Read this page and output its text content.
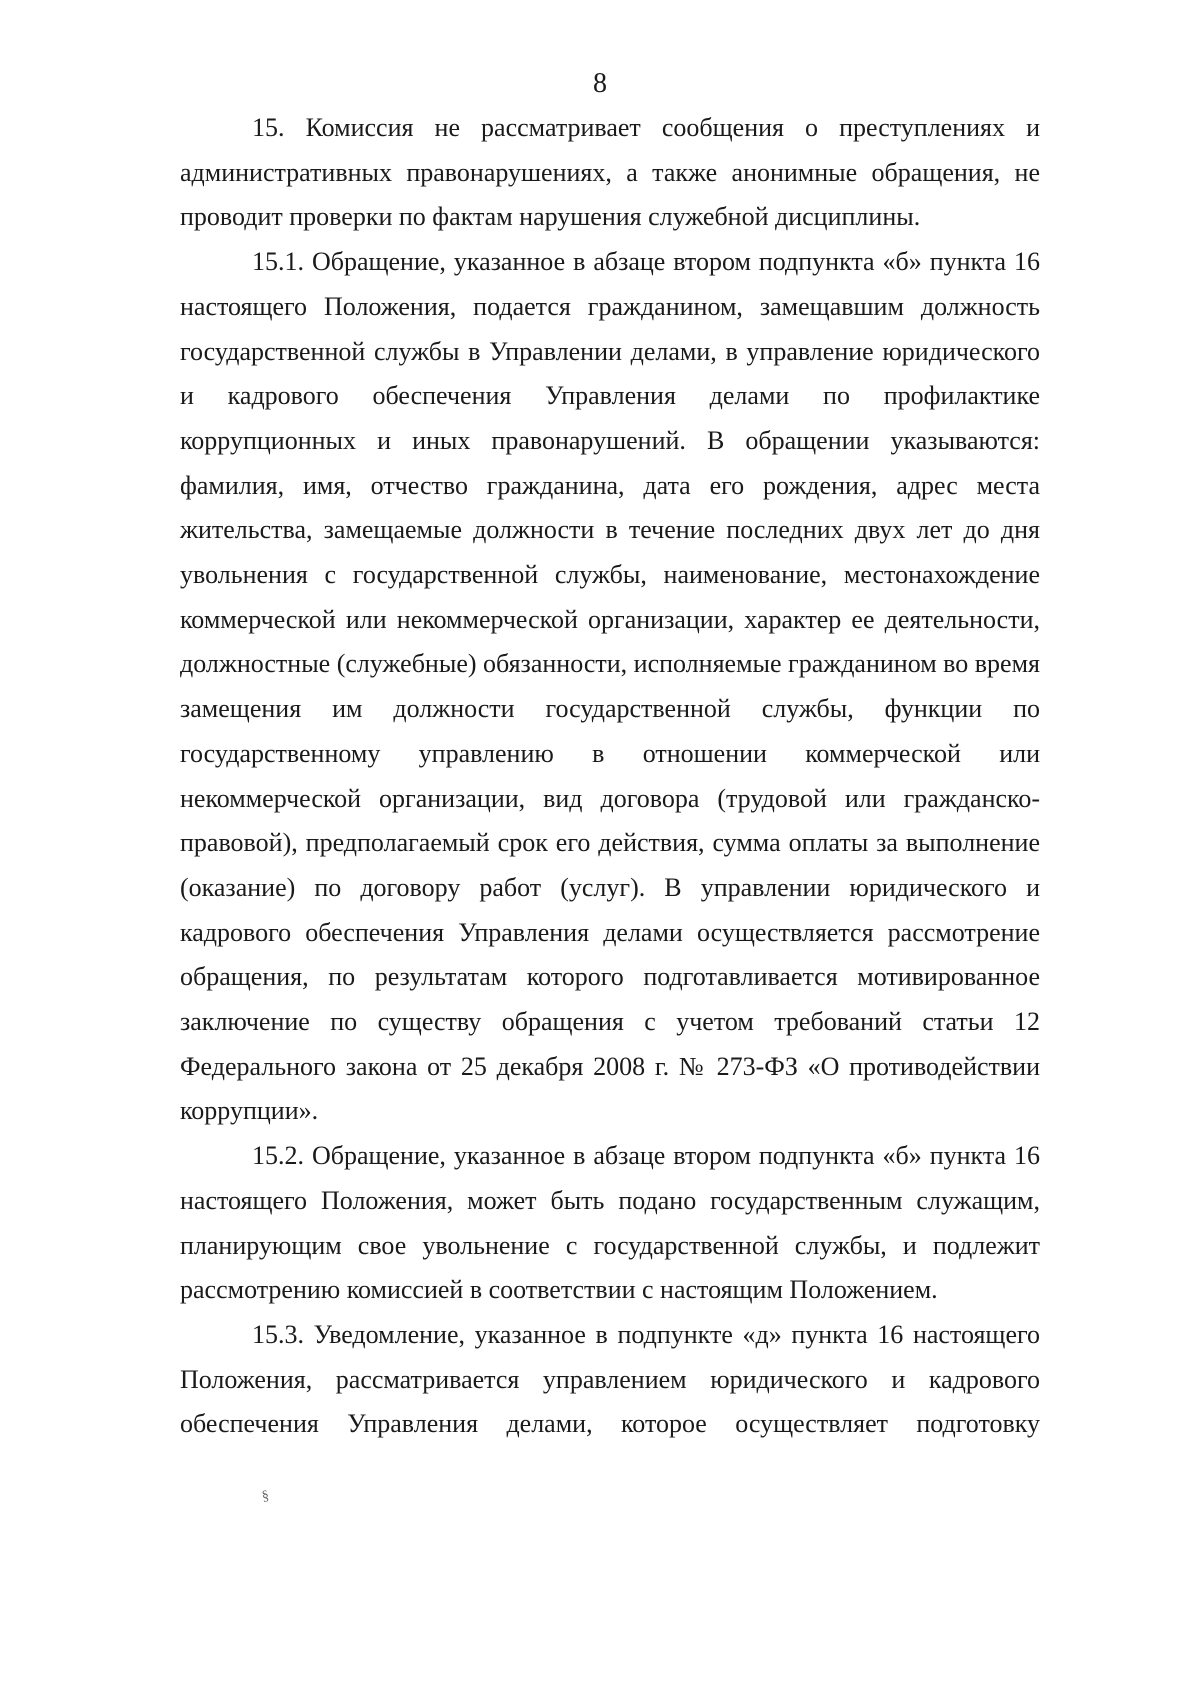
8

15. Комиссия не рассматривает сообщения о преступлениях и административных правонарушениях, а также анонимные обращения, не проводит проверки по фактам нарушения служебной дисциплины.

15.1. Обращение, указанное в абзаце втором подпункта «б» пункта 16 настоящего Положения, подается гражданином, замещавшим должность государственной службы в Управлении делами, в управление юридического и кадрового обеспечения Управления делами по профилактике коррупционных и иных правонарушений. В обращении указываются: фамилия, имя, отчество гражданина, дата его рождения, адрес места жительства, замещаемые должности в течение последних двух лет до дня увольнения с государственной службы, наименование, местонахождение коммерческой или некоммерческой организации, характер ее деятельности, должностные (служебные) обязанности, исполняемые гражданином во время замещения им должности государственной службы, функции по государственному управлению в отношении коммерческой или некоммерческой организации, вид договора (трудовой или гражданско-правовой), предполагаемый срок его действия, сумма оплаты за выполнение (оказание) по договору работ (услуг). В управлении юридического и кадрового обеспечения Управления делами осуществляется рассмотрение обращения, по результатам которого подготавливается мотивированное заключение по существу обращения с учетом требований статьи 12 Федерального закона от 25 декабря 2008 г. № 273-ФЗ «О противодействии коррупции».

15.2. Обращение, указанное в абзаце втором подпункта «б» пункта 16 настоящего Положения, может быть подано государственным служащим, планирующим свое увольнение с государственной службы, и подлежит рассмотрению комиссией в соответствии с настоящим Положением.

15.3. Уведомление, указанное в подпункте «д» пункта 16 настоящего Положения, рассматривается управлением юридического и кадрового обеспечения Управления делами, которое осуществляет подготовку

§
